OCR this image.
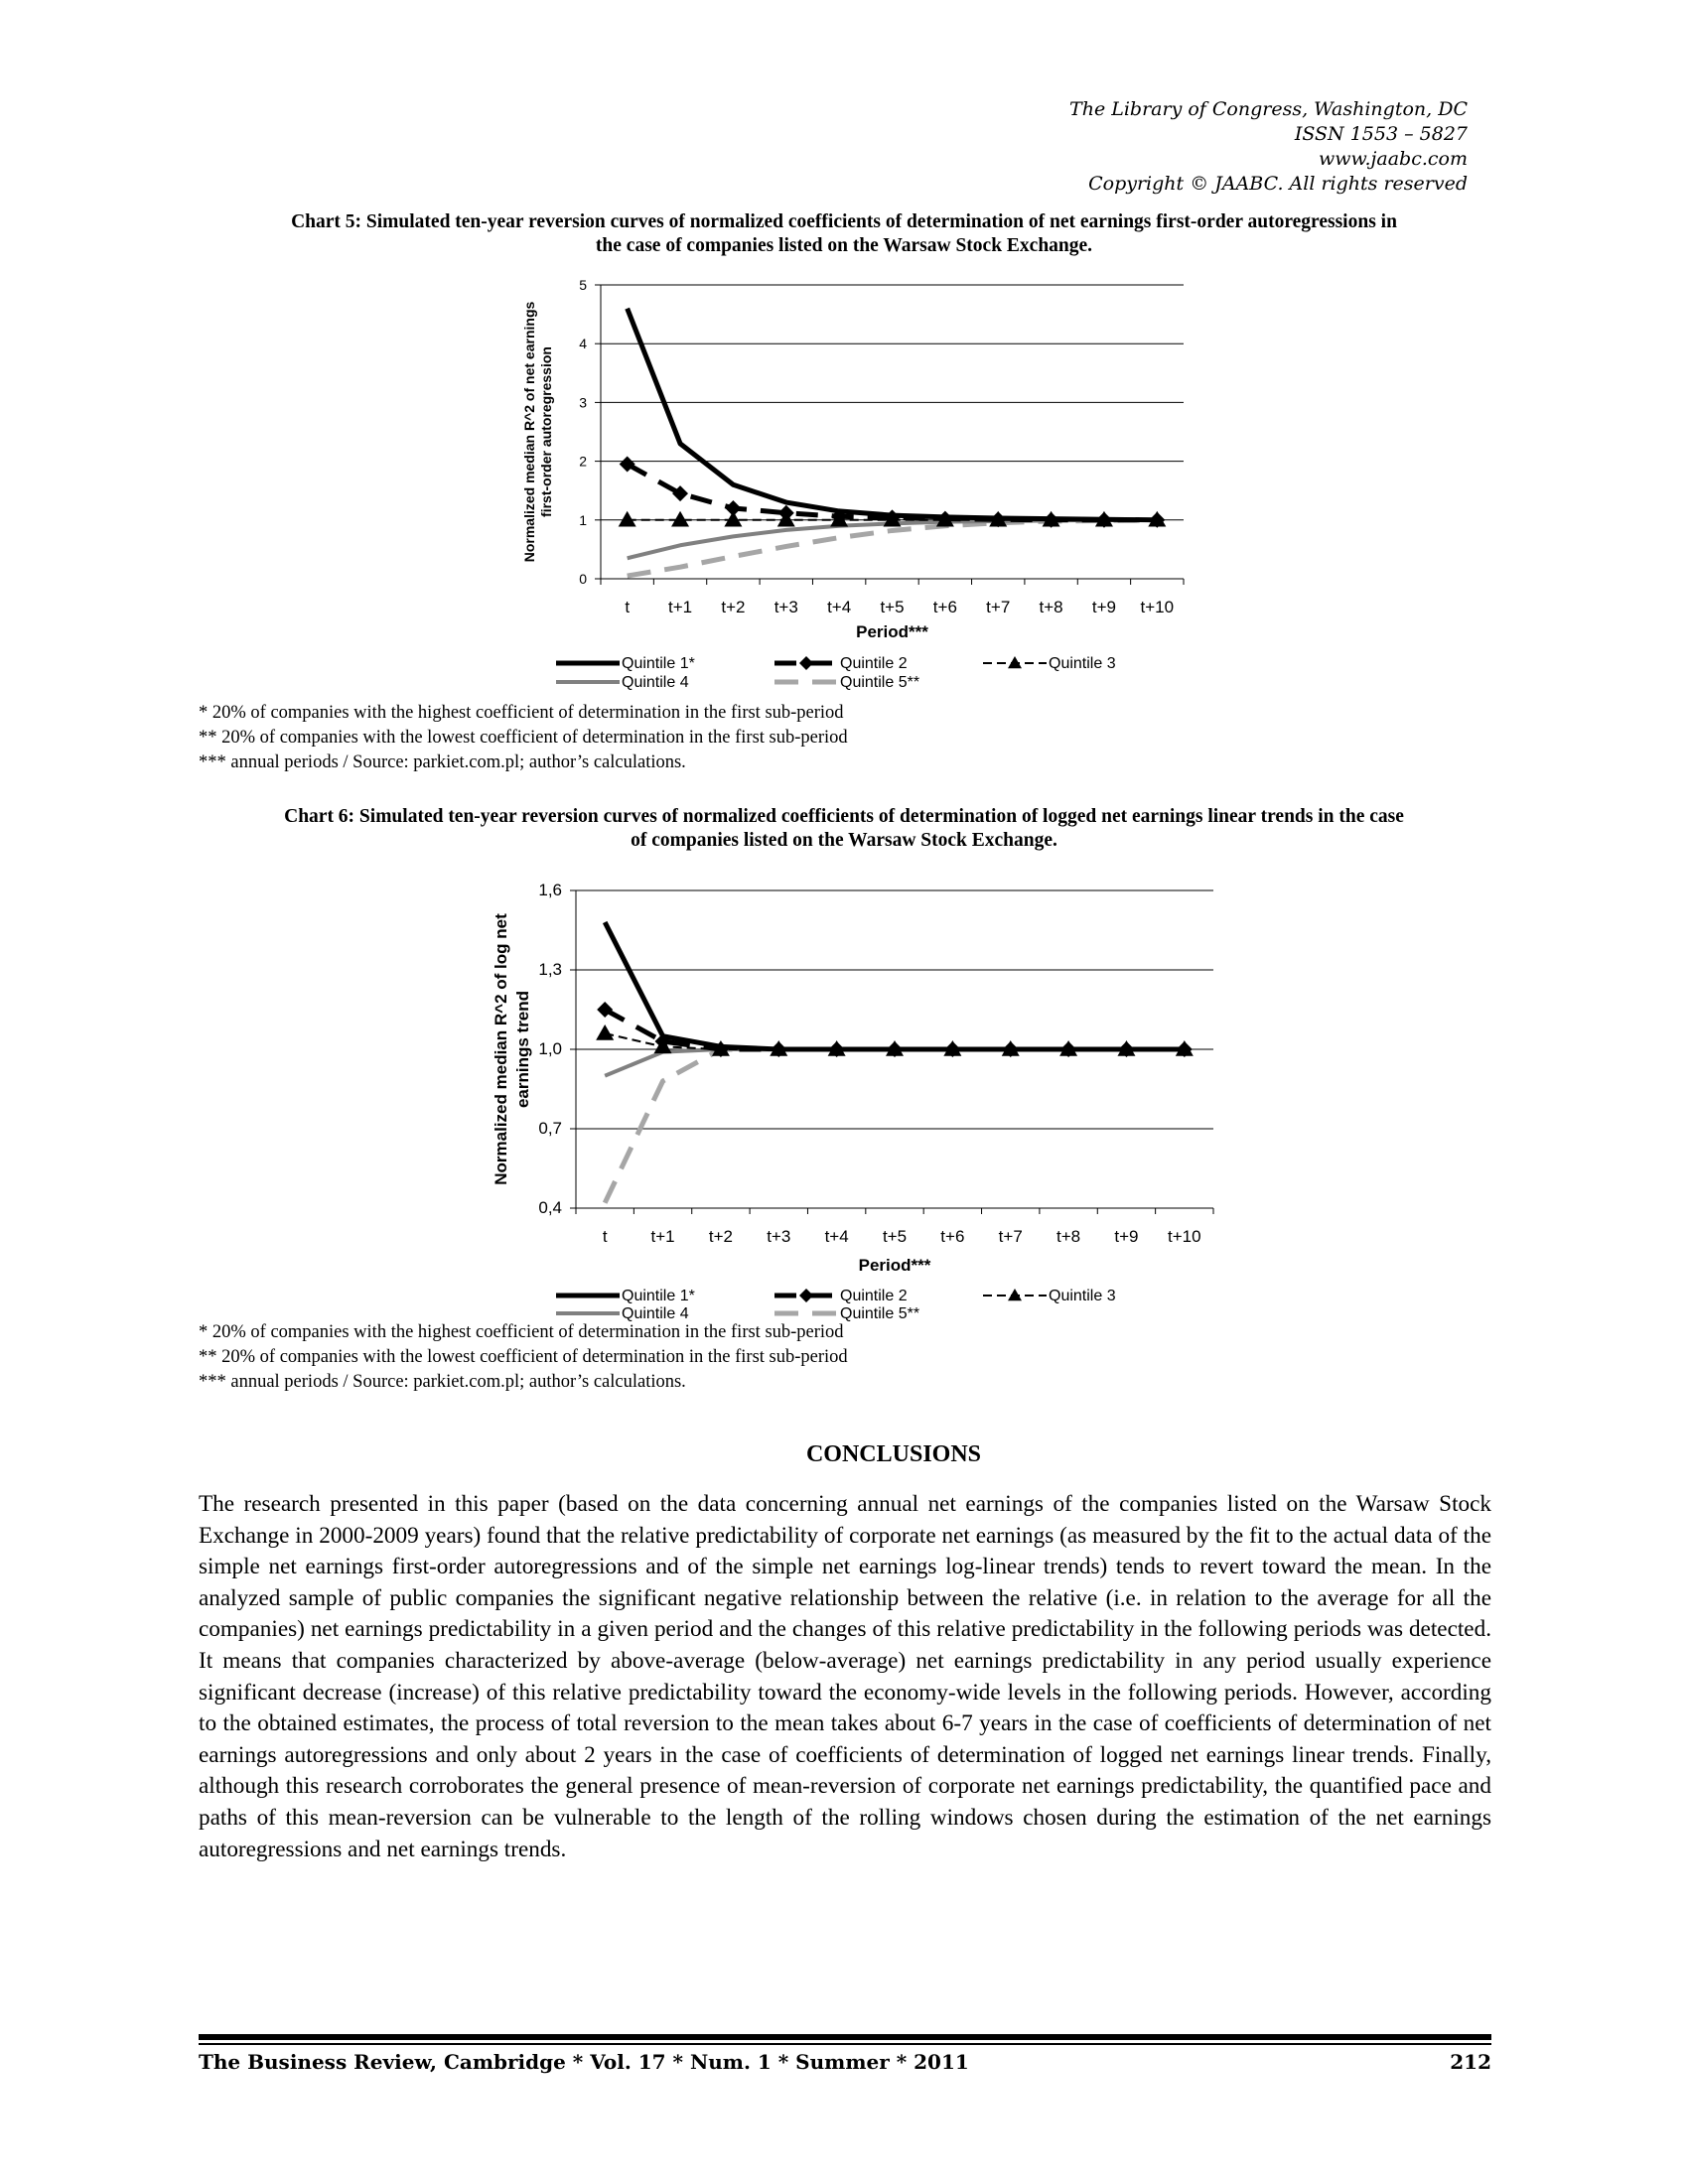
The Library of Congress, Washington, DC
ISSN 1553 – 5827
www.jaabc.com
Copyright © JAABC. All rights reserved
Chart 5: Simulated ten-year reversion curves of normalized coefficients of determination of net earnings first-order autoregressions in
the case of companies listed on the Warsaw Stock Exchange.
0
1
2
3
4
5
t t+1 t+2 t+3 t+4 t+5 t+6 t+7 t+8 t+9 t+10
Period***
Normalized median R^2 of net earnings first-order autoregression
Quintile 1*	Quintile 2	Quintile 3
Quintile 4	Quintile 5**
* 20% of companies with the highest coefficient of determination in the first sub-period
** 20% of companies with the lowest coefficient of determination in the first sub-period
*** annual periods / Source: parkiet.com.pl; author’s calculations.
Chart 6: Simulated ten-year reversion curves of normalized coefficients of determination of logged net earnings linear trends in the case
of companies listed on the Warsaw Stock Exchange.
0,4
0,7
1,0
1,3
1,6
t	t+1 t+2 t+3 t+4 t+5 t+6 t+7 t+8 t+9 t+10
Period***
Normalized median R^2 of log net earnings trend
Quintile 1*	Quintile 2	Quintile 3
Quintile 4	Quintile 5**
* 20% of companies with the highest coefficient of determination in the first sub-period
** 20% of companies with the lowest coefficient of determination in the first sub-period
*** annual periods / Source: parkiet.com.pl; author’s calculations.
CONCLUSIONS
The research presented in this paper (based on the data concerning annual net earnings of the companies listed on the Warsaw Stock Exchange in 2000-2009 years) found that the relative predictability of corporate net earnings (as measured by the fit to the actual data of the simple net earnings first-order autoregressions and of the simple net earnings log-linear trends) tends to revert toward the mean. In the analyzed sample of public companies the significant negative relationship between the relative (i.e. in relation to the average for all the companies) net earnings predictability in a given period and the changes of this relative predictability in the following periods was detected. It means that companies characterized by above-average (below-average) net earnings predictability in any period usually experience significant decrease (increase) of this relative predictability toward the economy-wide levels in the following periods. However, according to the obtained estimates, the process of total reversion to the mean takes about 6-7 years in the case of coefficients of determination of net earnings autoregressions and only about 2 years in the case of coefficients of determination of logged net earnings linear trends. Finally, although this research corroborates the general presence of mean-reversion of corporate net earnings predictability, the quantified pace and paths of this mean-reversion can be vulnerable to the length of the rolling windows chosen during the estimation of the net earnings autoregressions and net earnings trends.
The Business Review, Cambridge * Vol. 17 * Num. 1 * Summer * 2011	212
